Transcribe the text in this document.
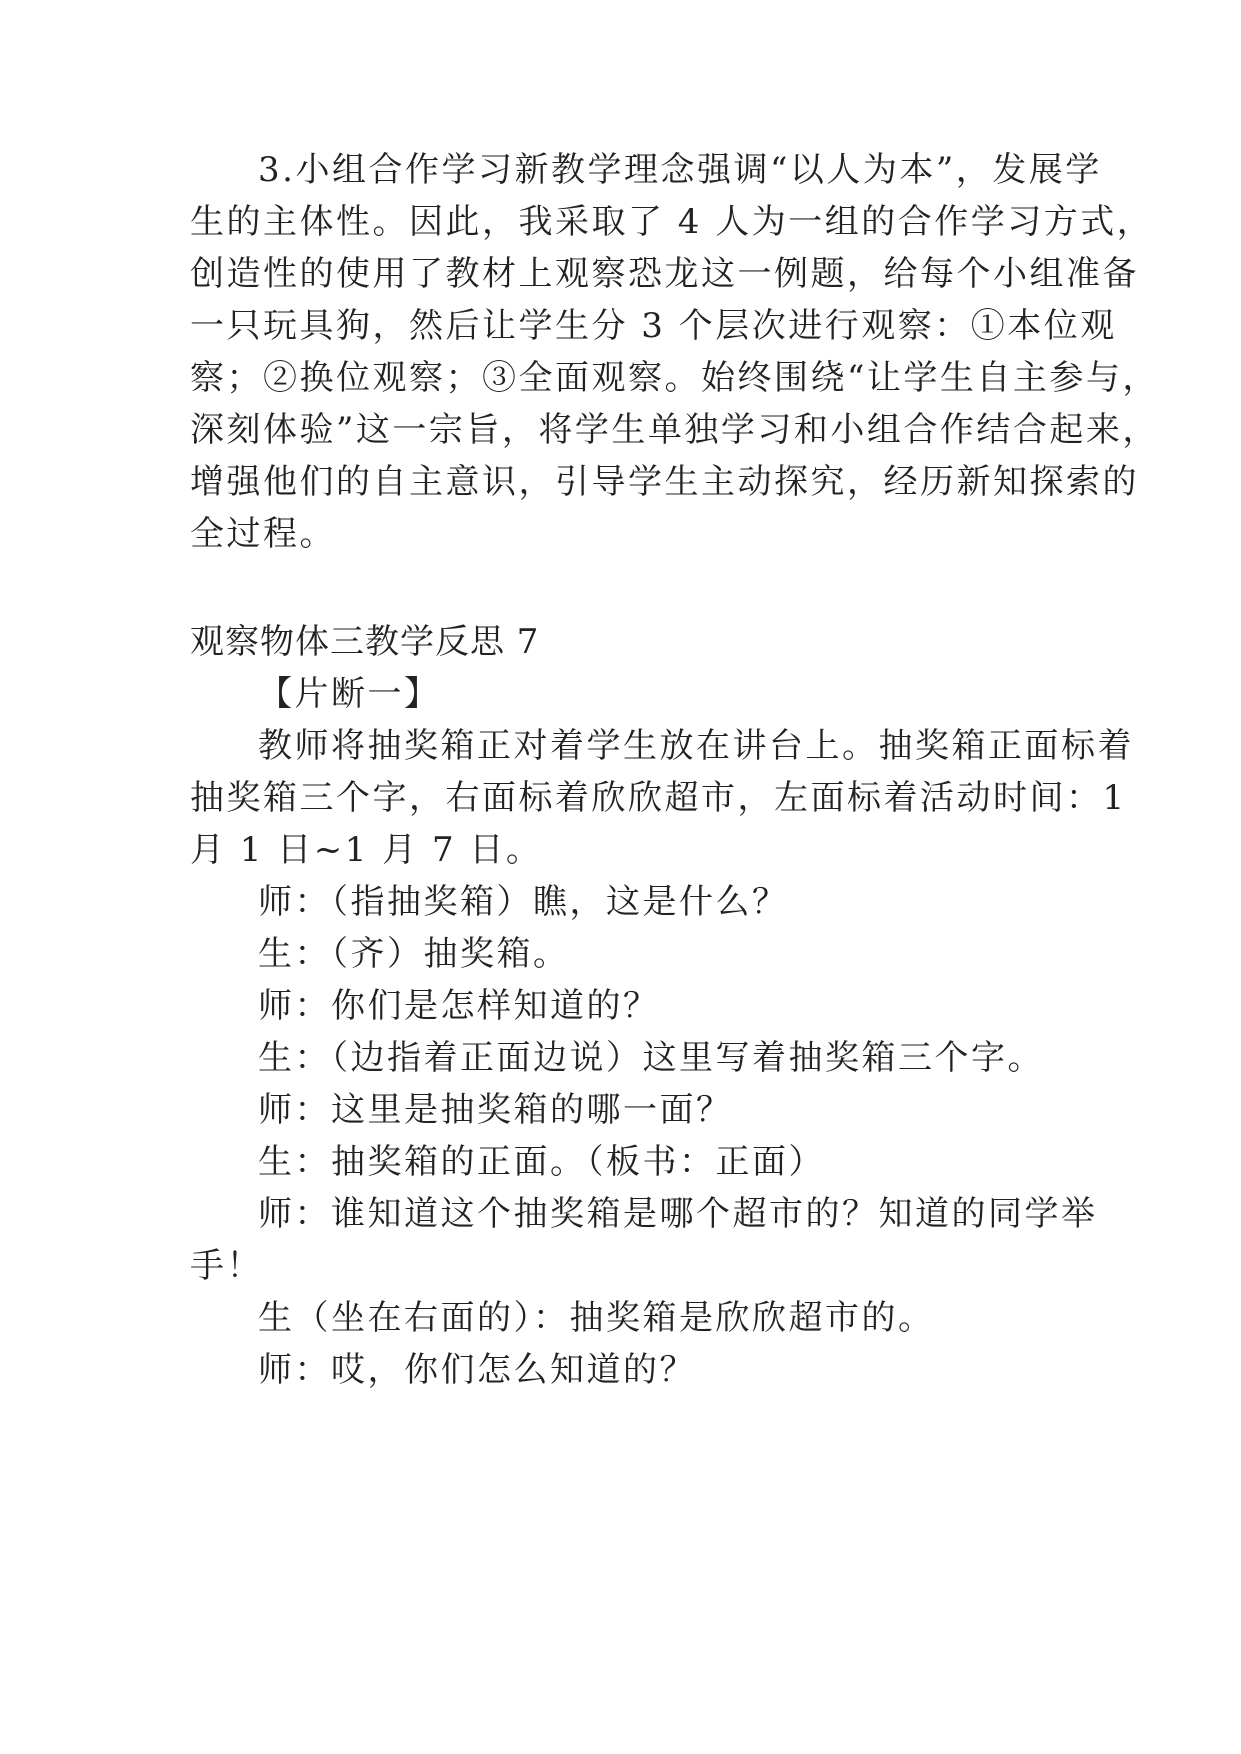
3.小组合作学习新教学理念强调“以人为本”，发展学
生的主体性。因此，我采取了 4 人为一组的合作学习方式，
创造性的使用了教材上观察恐龙这一例题，给每个小组准备
一只玩具狗，然后让学生分 3 个层次进行观察：①本位观
察；②换位观察；③全面观察。始终围绕“让学生自主参与，
深刻体验”这一宗旨，将学生单独学习和小组合作结合起来，
增强他们的自主意识，引导学生主动探究，经历新知探索的
全过程。
观察物体三教学反思 7
【片断一】
教师将抽奖箱正对着学生放在讲台上。抽奖箱正面标着
抽奖箱三个字，右面标着欣欣超市，左面标着活动时间：1
月 1 日~1 月 7 日。
师：（指抽奖箱）瞧，这是什么？
生：（齐）抽奖箱。
师：你们是怎样知道的？
生：（边指着正面边说）这里写着抽奖箱三个字。
师：这里是抽奖箱的哪一面？
生：抽奖箱的正面。（板书：正面）
师：谁知道这个抽奖箱是哪个超市的？知道的同学举
手！
生（坐在右面的）：抽奖箱是欣欣超市的。
师：哎，你们怎么知道的？
